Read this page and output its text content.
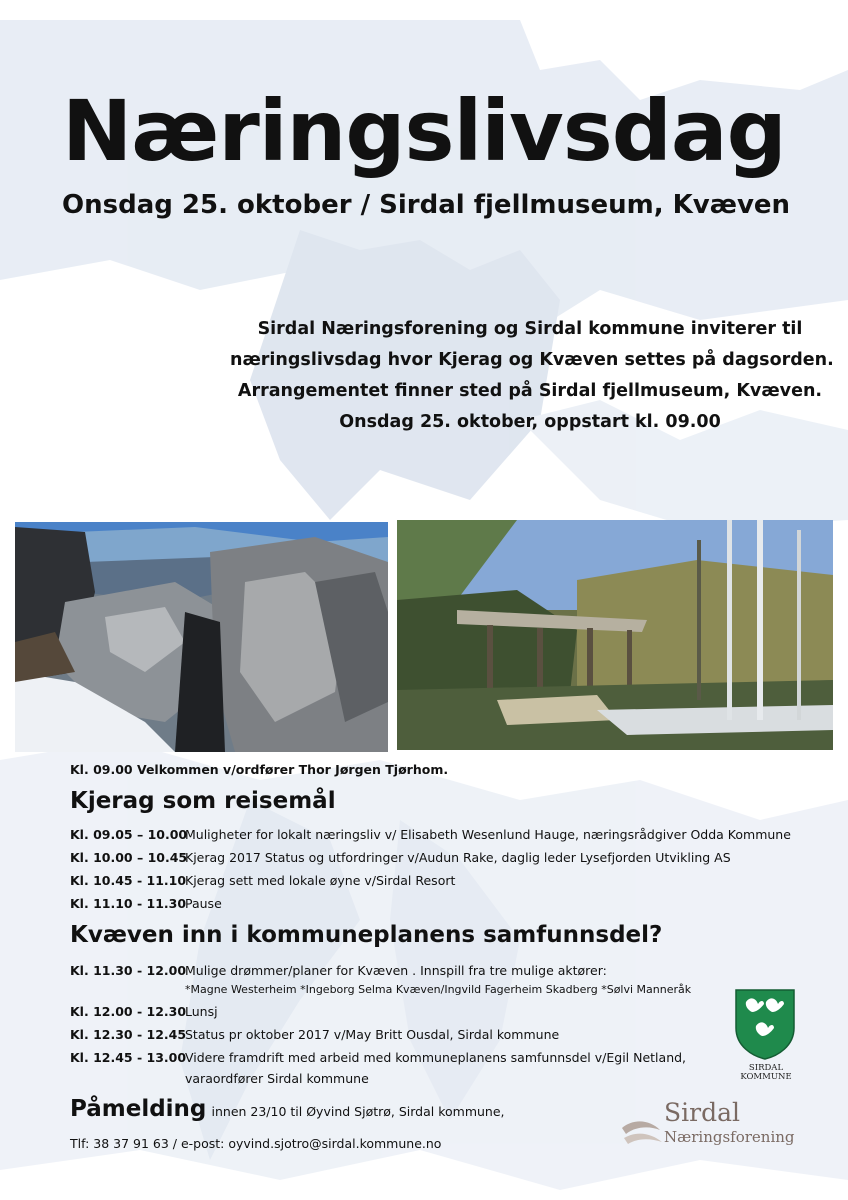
Næringslivsdag
Onsdag 25. oktober / Sirdal fjellmuseum, Kvæven
Sirdal Næringsforening og Sirdal kommune inviterer til
næringslivsdag hvor Kjerag og Kvæven settes på dagsorden.
Arrangementet finner sted på Sirdal fjellmuseum, Kvæven.
Onsdag 25. oktober, oppstart kl. 09.00
Kl. 09.00 Velkommen v/ordfører Thor Jørgen Tjørhom.
Kjerag som reisemål
Kl. 09.05 – 10.00Muligheter for lokalt næringsliv v/ Elisabeth Wesenlund Hauge, næringsrådgiver Odda Kommune
Kl. 10.00 – 10.45Kjerag 2017 Status og utfordringer v/Audun Rake, daglig leder Lysefjorden Utvikling AS
Kl. 10.45 - 11.10Kjerag sett med lokale øyne v/Sirdal Resort
Kl. 11.10 - 11.30Pause
Kvæven inn i kommuneplanens samfunnsdel?
Kl. 11.30 - 12.00Mulige drømmer/planer for Kvæven . Innspill fra tre mulige aktører:
*Magne Westerheim *Ingeborg Selma Kvæven/Ingvild Fagerheim Skadberg *Sølvi Manneråk
Kl. 12.00 - 12.30Lunsj
Kl. 12.30 - 12.45Status pr oktober 2017 v/May Britt Ousdal, Sirdal kommune
Kl. 12.45 - 13.00Videre framdrift med arbeid med kommuneplanens samfunnsdel v/Egil Netland,
varaordfører Sirdal kommune
Påmelding innen 23/10 til Øyvind Sjøtrø, Sirdal kommune,
Tlf: 38 37 91 63 / e-post: oyvind.sjotro@sirdal.kommune.no
SIRDAL
KOMMUNE
Sirdal
Næringsforening
